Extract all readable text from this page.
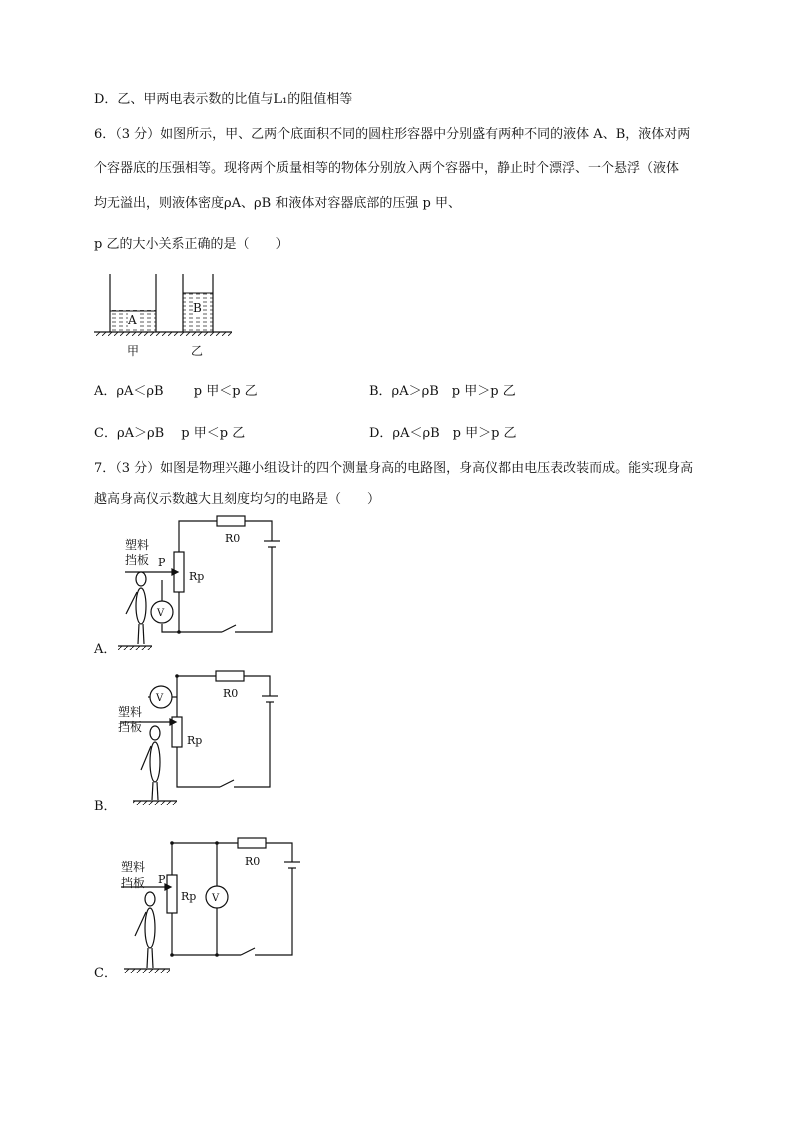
D．乙、甲两电表示数的比值与L₁的阻值相等
6．（3 分）如图所示，甲、乙两个底面积不同的圆柱形容器中分别盛有两种不同的液体 A、B，液体对两
个容器底的压强相等。现将两个质量相等的物体分别放入两个容器中，静止时个漂浮、一个悬浮（液体
均无溢出，则液体密度ρA、ρB 和液体对容器底部的压强 p 甲、
p 乙的大小关系正确的是（　　）
A
B
甲	乙
A．ρA＜ρB　　 p 甲＜p 乙	B．ρA＞ρB　p 甲＞p 乙
C．ρA＞ρB　 p 甲＜p 乙	D．ρA＜ρB　p 甲＞p 乙
7．（3 分）如图是物理兴趣小组设计的四个测量身高的电路图，身高仪都由电压表改装而成。能实现身高
越高身高仪示数越大且刻度均匀的电路是（　　）
V
R0
Rp
P
塑料
挡板
A．
V	R0
Rp
塑料
挡板
B．
V
R0
Rp
P
塑料
挡板
C．
